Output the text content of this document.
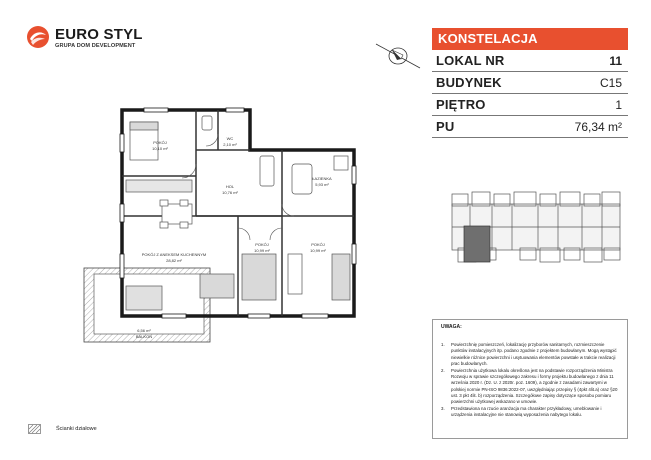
EURO STYL
GRUPA DOM DEVELOPMENT	KONSTELACJA
LOKAL NR	11
BUDYNEK	C15
PIĘTRO	1
PU	76,34 m²
POKÓJ
10,10 m²
WC
2,10 m²
HOL
10,76 m²
ŁAZIENKA
5,93 m²
POKÓJ Z ANEKSEM KUCHENNYM
28,82 m²
POKÓJ
10,99 m²
POKÓJ
10,99 m²
6,56 m²
BALKON
UWAGA:
1. Powierzchnię pomieszczeń, lokalizację przyborów sanitarnych, rozmieszczenie punktów instalacyjnych itp. podano zgodnie z projektem budowlanym. Mogą wystąpić niewielkie różnice powierzchni i usytuowania elementów powstałe w trakcie realizacji prac budowlanych.
2. Powierzchnia użytkowa lokalu określona jest na podstawie rozporządzenia Ministra Rozwoju w sprawie szczegółowego zakresu i formy projektu budowlanego z dnia 11 września 2020 r. (Dz. U. z 2020r. poz. 1609), a zgodnie z zasadami zawartymi w polskiej normie PN-ISO 9836:2022-07, uwzględniając przepisy § (4pkt 4lit.a) oraz §20 ust. 3 pkt 4lit. b) rozporządzenia. Szczegółowe zapisy dotyczące sposobu pomiaru powierzchni użytkowej wskazano w umowie.
3. Przedstawiona na rzucie aranżacja ma charakter przykładowy, umeblowanie i urządzenia instalacyjne nie stanowią wyposażenia nabytego lokalu.
Ścianki działowe
